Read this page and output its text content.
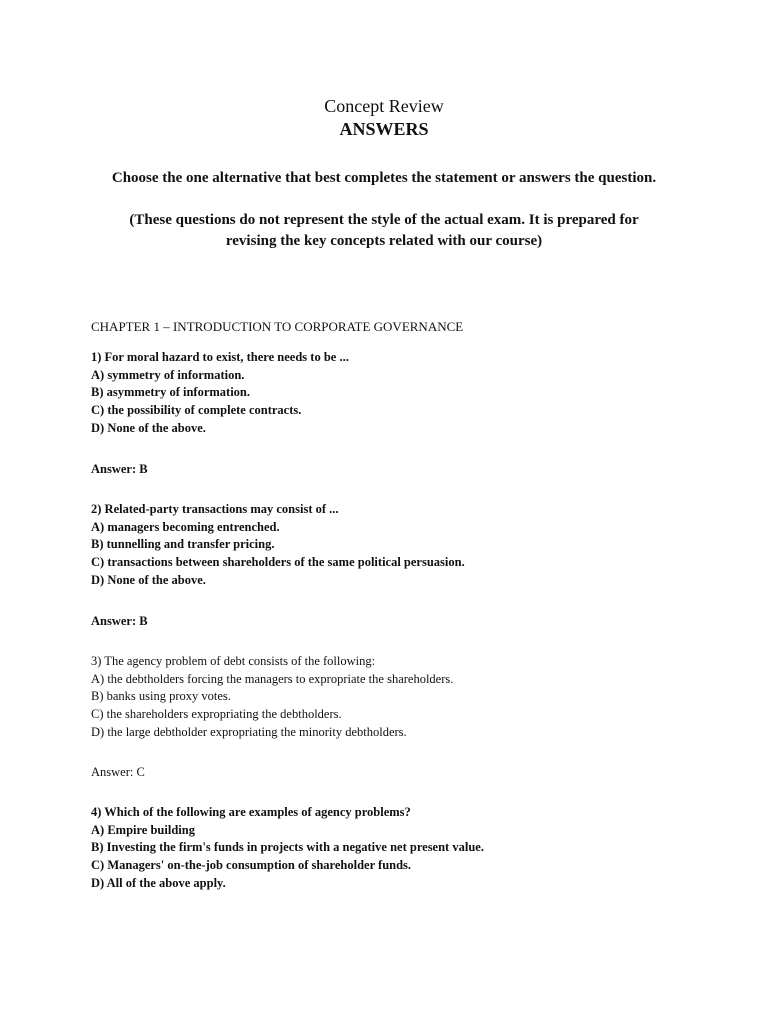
Concept Review
ANSWERS
Choose the one alternative that best completes the statement or answers the question.
(These questions do not represent the style of the actual exam. It is prepared for
revising the key concepts related with our course)
CHAPTER 1 – INTRODUCTION TO CORPORATE GOVERNANCE
1) For moral hazard to exist, there needs to be ...
A) symmetry of information.
B) asymmetry of information.
C) the possibility of complete contracts.
D) None of the above.
Answer: B
2) Related-party transactions may consist of ...
A) managers becoming entrenched.
B) tunnelling and transfer pricing.
C) transactions between shareholders of the same political persuasion.
D) None of the above.
Answer: B
3) The agency problem of debt consists of the following:
A) the debtholders forcing the managers to expropriate the shareholders.
B) banks using proxy votes.
C) the shareholders expropriating the debtholders.
D) the large debtholder expropriating the minority debtholders.
Answer: C
4) Which of the following are examples of agency problems?
A) Empire building
B) Investing the firm's funds in projects with a negative net present value.
C) Managers' on-the-job consumption of shareholder funds.
D) All of the above apply.
